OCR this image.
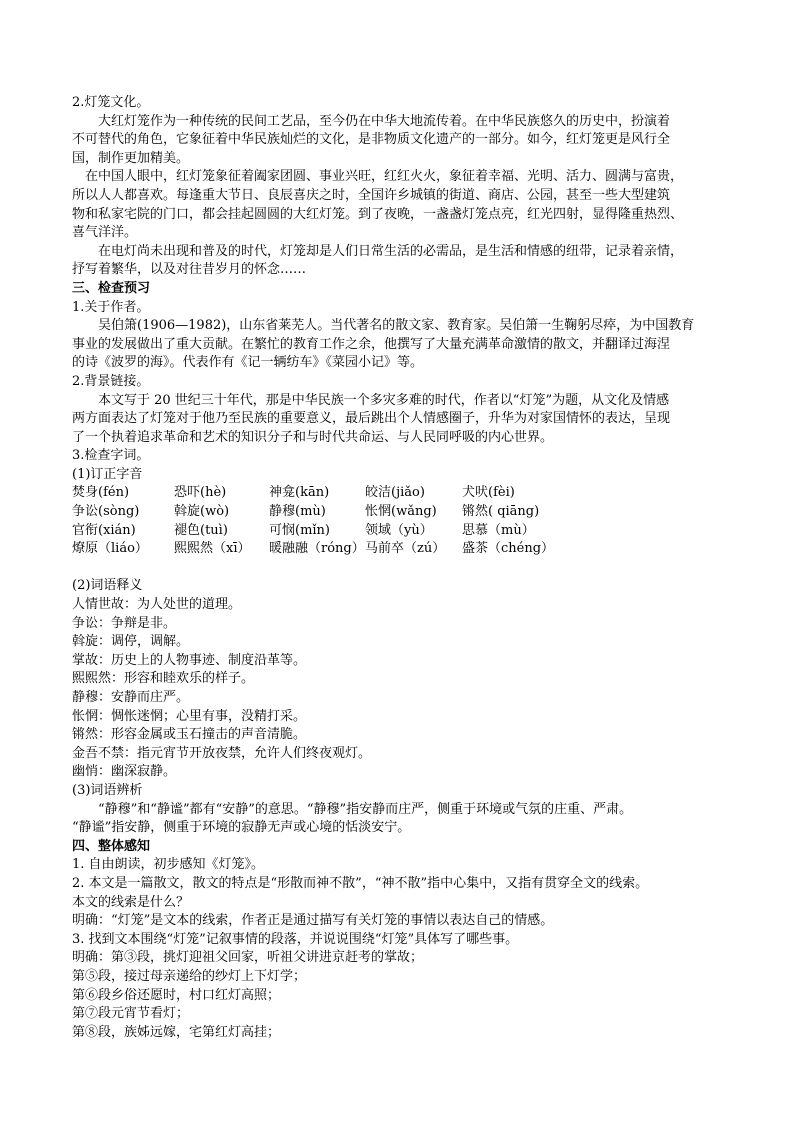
2.灯笼文化。
大红灯笼作为一种传统的民间工艺品，至今仍在中华大地流传着。在中华民族悠久的历史中，扮演着
不可替代的角色，它象征着中华民族灿烂的文化，是非物质文化遗产的一部分。如今，红灯笼更是风行全
国，制作更加精美。
在中国人眼中，红灯笼象征着阖家团圆、事业兴旺，红红火火，象征着幸福、光明、活力、圆满与富贵，
所以人人都喜欢。每逢重大节日、良辰喜庆之时，全国许乡城镇的街道、商店、公园，甚至一些大型建筑
物和私家宅院的门口，都会挂起圆圆的大红灯笼。到了夜晚，一盏盏灯笼点亮，红光四射，显得隆重热烈、
喜气洋洋。
在电灯尚未出现和普及的时代，灯笼却是人们日常生活的必需品，是生活和情感的纽带，记录着亲情，
抒写着繁华，以及对往昔岁月的怀念……
三、检查预习
1.关于作者。
吴伯箫(1906—1982)，山东省莱芜人。当代著名的散文家、教育家。吴伯箫一生鞠躬尽瘁，为中国教育
事业的发展做出了重大贡献。在繁忙的教育工作之余，他撰写了大量充满革命激情的散文，并翻译过海涅
的诗《波罗的海》。代表作有《记一辆纺车》《菜园小记》等。
2.背景链接。
本文写于 20 世纪三十年代，那是中华民族一个多灾多难的时代，作者以“灯笼”为题，从文化及情感
两方面表达了灯笼对于他乃至民族的重要意义，最后跳出个人情感圈子，升华为对家国情怀的表达，呈现
了一个执着追求革命和艺术的知识分子和与时代共命运、与人民同呼吸的内心世界。
3.检查字词。
(1)订正字音
焚身(fén)	恐吓(hè)	神龛(kān)	皎洁(jiǎo)	犬吠(fèi)
争讼(sòng)	斡旋(wò)	静穆(mù)	怅惘(wǎng)	锵然( qiāng)
官衔(xián)	褪色(tuì)	可悯(mǐn)	领域（yù）	思慕（mù）
燎原（liáo）	熙熙然（xī）	暖融融（róng） 马前卒（zú）	盛茶（chéng）
(2)词语释义
人情世故：为人处世的道理。
争讼：争辩是非。
斡旋：调停，调解。
掌故：历史上的人物事迹、制度沿革等。
熙熙然：形容和睦欢乐的样子。
静穆：安静而庄严。
怅惘：惆怅迷惘；心里有事，没精打采。
锵然：形容金属或玉石撞击的声音清脆。
金吾不禁：指元宵节开放夜禁，允许人们终夜观灯。
幽悄：幽深寂静。
(3)词语辨析
“静穆”和“静谧”都有“安静”的意思。“静穆”指安静而庄严，侧重于环境或气氛的庄重、严肃。
“静谧”指安静，侧重于环境的寂静无声或心境的恬淡安宁。
四、整体感知
1. 自由朗读，初步感知《灯笼》。
2. 本文是一篇散文，散文的特点是“形散而神不散”，“神不散”指中心集中，又指有贯穿全文的线索。
本文的线索是什么？
明确：“灯笼”是文本的线索，作者正是通过描写有关灯笼的事情以表达自己的情感。
3. 找到文本围绕“灯笼”记叙事情的段落，并说说围绕“灯笼”具体写了哪些事。
明确：第③段，挑灯迎祖父回家，听祖父讲进京赶考的掌故；
第⑤段，接过母亲递给的纱灯上下灯学；
第⑥段乡俗还愿时，村口红灯高照；
第⑦段元宵节看灯；
第⑧段，族姊远嫁，宅第红灯高挂；
